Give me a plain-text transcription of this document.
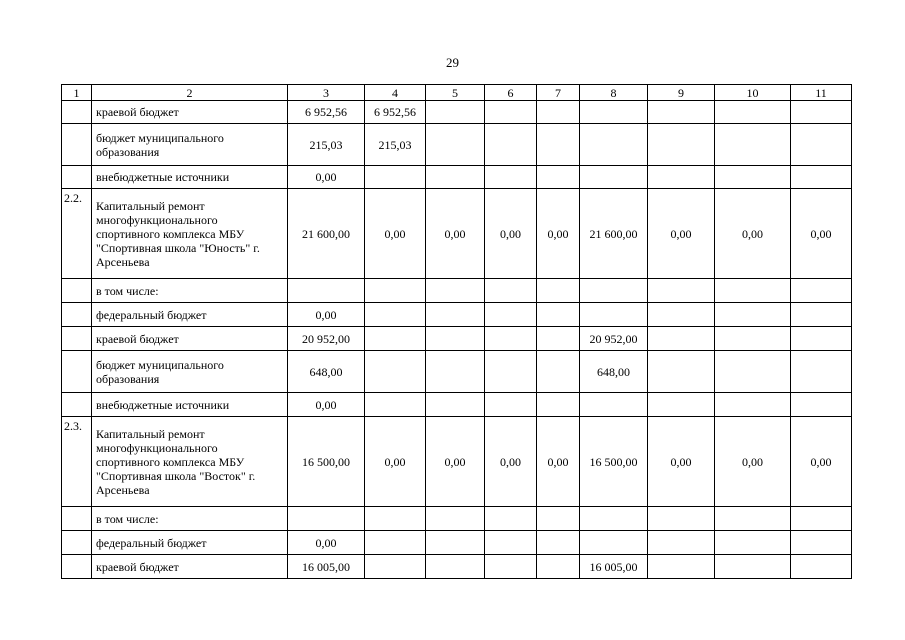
29
1	2	3	4	5	6	7	8	9	10	11
	краевой бюджет	6 952,56	6 952,56							
	бюджет муниципального образования	215,03	215,03							
	внебюджетные источники	0,00								
2.2.	Капитальный ремонт многофункционального спортивного комплекса МБУ "Спортивная школа "Юность" г. Арсеньева	21 600,00	0,00	0,00	0,00	0,00	21 600,00	0,00	0,00	0,00
	в том числе:									
	федеральный бюджет	0,00								
	краевой бюджет	20 952,00					20 952,00			
	бюджет муниципального образования	648,00					648,00			
	внебюджетные источники	0,00								
2.3.	Капитальный ремонт многофункционального спортивного комплекса МБУ "Спортивная школа "Восток" г. Арсеньева	16 500,00	0,00	0,00	0,00	0,00	16 500,00	0,00	0,00	0,00
	в том числе:									
	федеральный бюджет	0,00								
	краевой бюджет	16 005,00					16 005,00			
